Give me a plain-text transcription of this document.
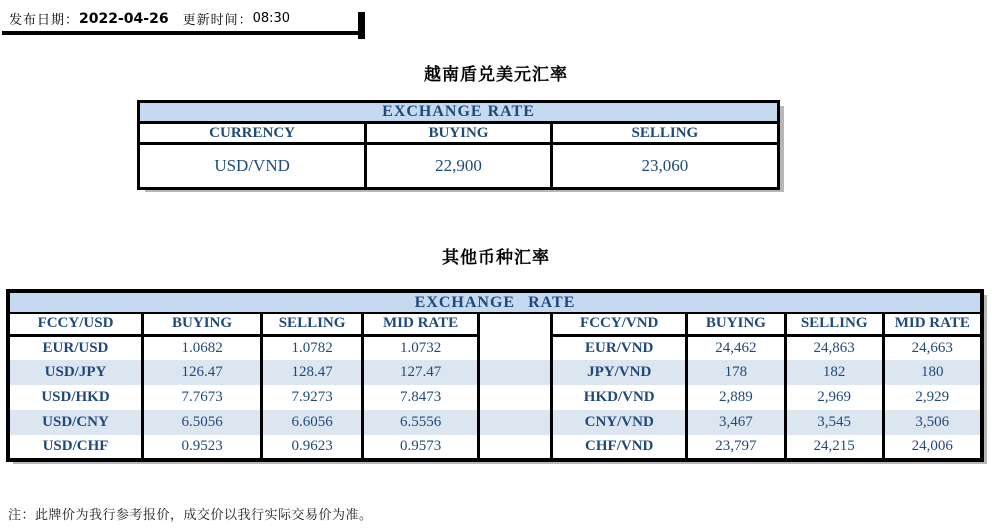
发布日期： 2022-04-26 更新时间： 08:30
越南盾兑美元汇率
EXCHANGE RATE		
CURRENCY	BUYING	SELLING
USD/VND	22,900	23,060
其他币种汇率
EXCHANGE RATE								
FCCY/USD	BUYING	SELLING	MID RATE		FCCY/VND	BUYING	SELLING	MID RATE
EUR/USD	1.0682	1.0782	1.0732		EUR/VND	24,462	24,863	24,663
USD/JPY	126.47	128.47	127.47		JPY/VND	178	182	180
USD/HKD	7.7673	7.9273	7.8473		HKD/VND	2,889	2,969	2,929
USD/CNY	6.5056	6.6056	6.5556		CNY/VND	3,467	3,545	3,506
USD/CHF	0.9523	0.9623	0.9573		CHF/VND	23,797	24,215	24,006
注：此牌价为我行参考报价，成交价以我行实际交易价为准。
